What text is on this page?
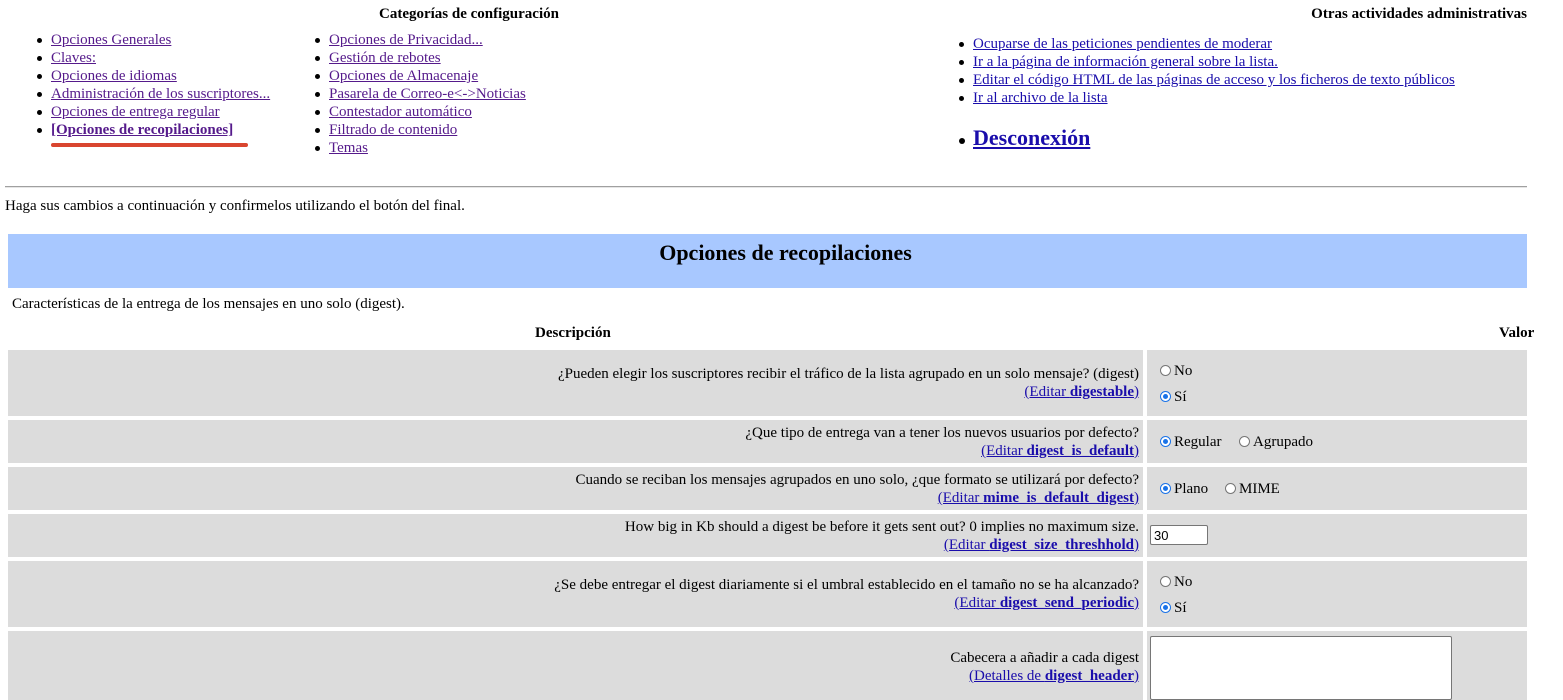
Categorías de configuración	Otras actividades administrativas
Opciones Generales
Claves:
Opciones de idiomas
Administración de los suscriptores...
Opciones de entrega regular
[Opciones de recopilaciones]
Opciones de Privacidad...
Gestión de rebotes
Opciones de Almacenaje
Pasarela de Correo-e<->Noticias
Contestador automático
Filtrado de contenido
Temas
Ocuparse de las peticiones pendientes de moderar
Ir a la página de información general sobre la lista.
Editar el código HTML de las páginas de acceso y los ficheros de texto públicos
Ir al archivo de la lista
Desconexión
Haga sus cambios a continuación y confirmelos utilizando el botón del final.
Opciones de recopilaciones
Características de la entrega de los mensajes en uno solo (digest).
Descripción	Valor
¿Pueden elegir los suscriptores recibir el tráfico de la lista agrupado en un solo mensaje? (digest)
(Editar digestable)
No
Sí
¿Que tipo de entrega van a tener los nuevos usuarios por defecto?
(Editar digest_is_default)
Regular	Agrupado
Cuando se reciban los mensajes agrupados en uno solo, ¿que formato se utilizará por defecto?
(Editar mime_is_default_digest)
Plano	MIME
How big in Kb should a digest be before it gets sent out? 0 implies no maximum size.
(Editar digest_size_threshhold)
30
¿Se debe entregar el digest diariamente si el umbral establecido en el tamaño no se ha alcanzado?
(Editar digest_send_periodic)
No
Sí
Cabecera a añadir a cada digest
(Detalles de digest_header)
